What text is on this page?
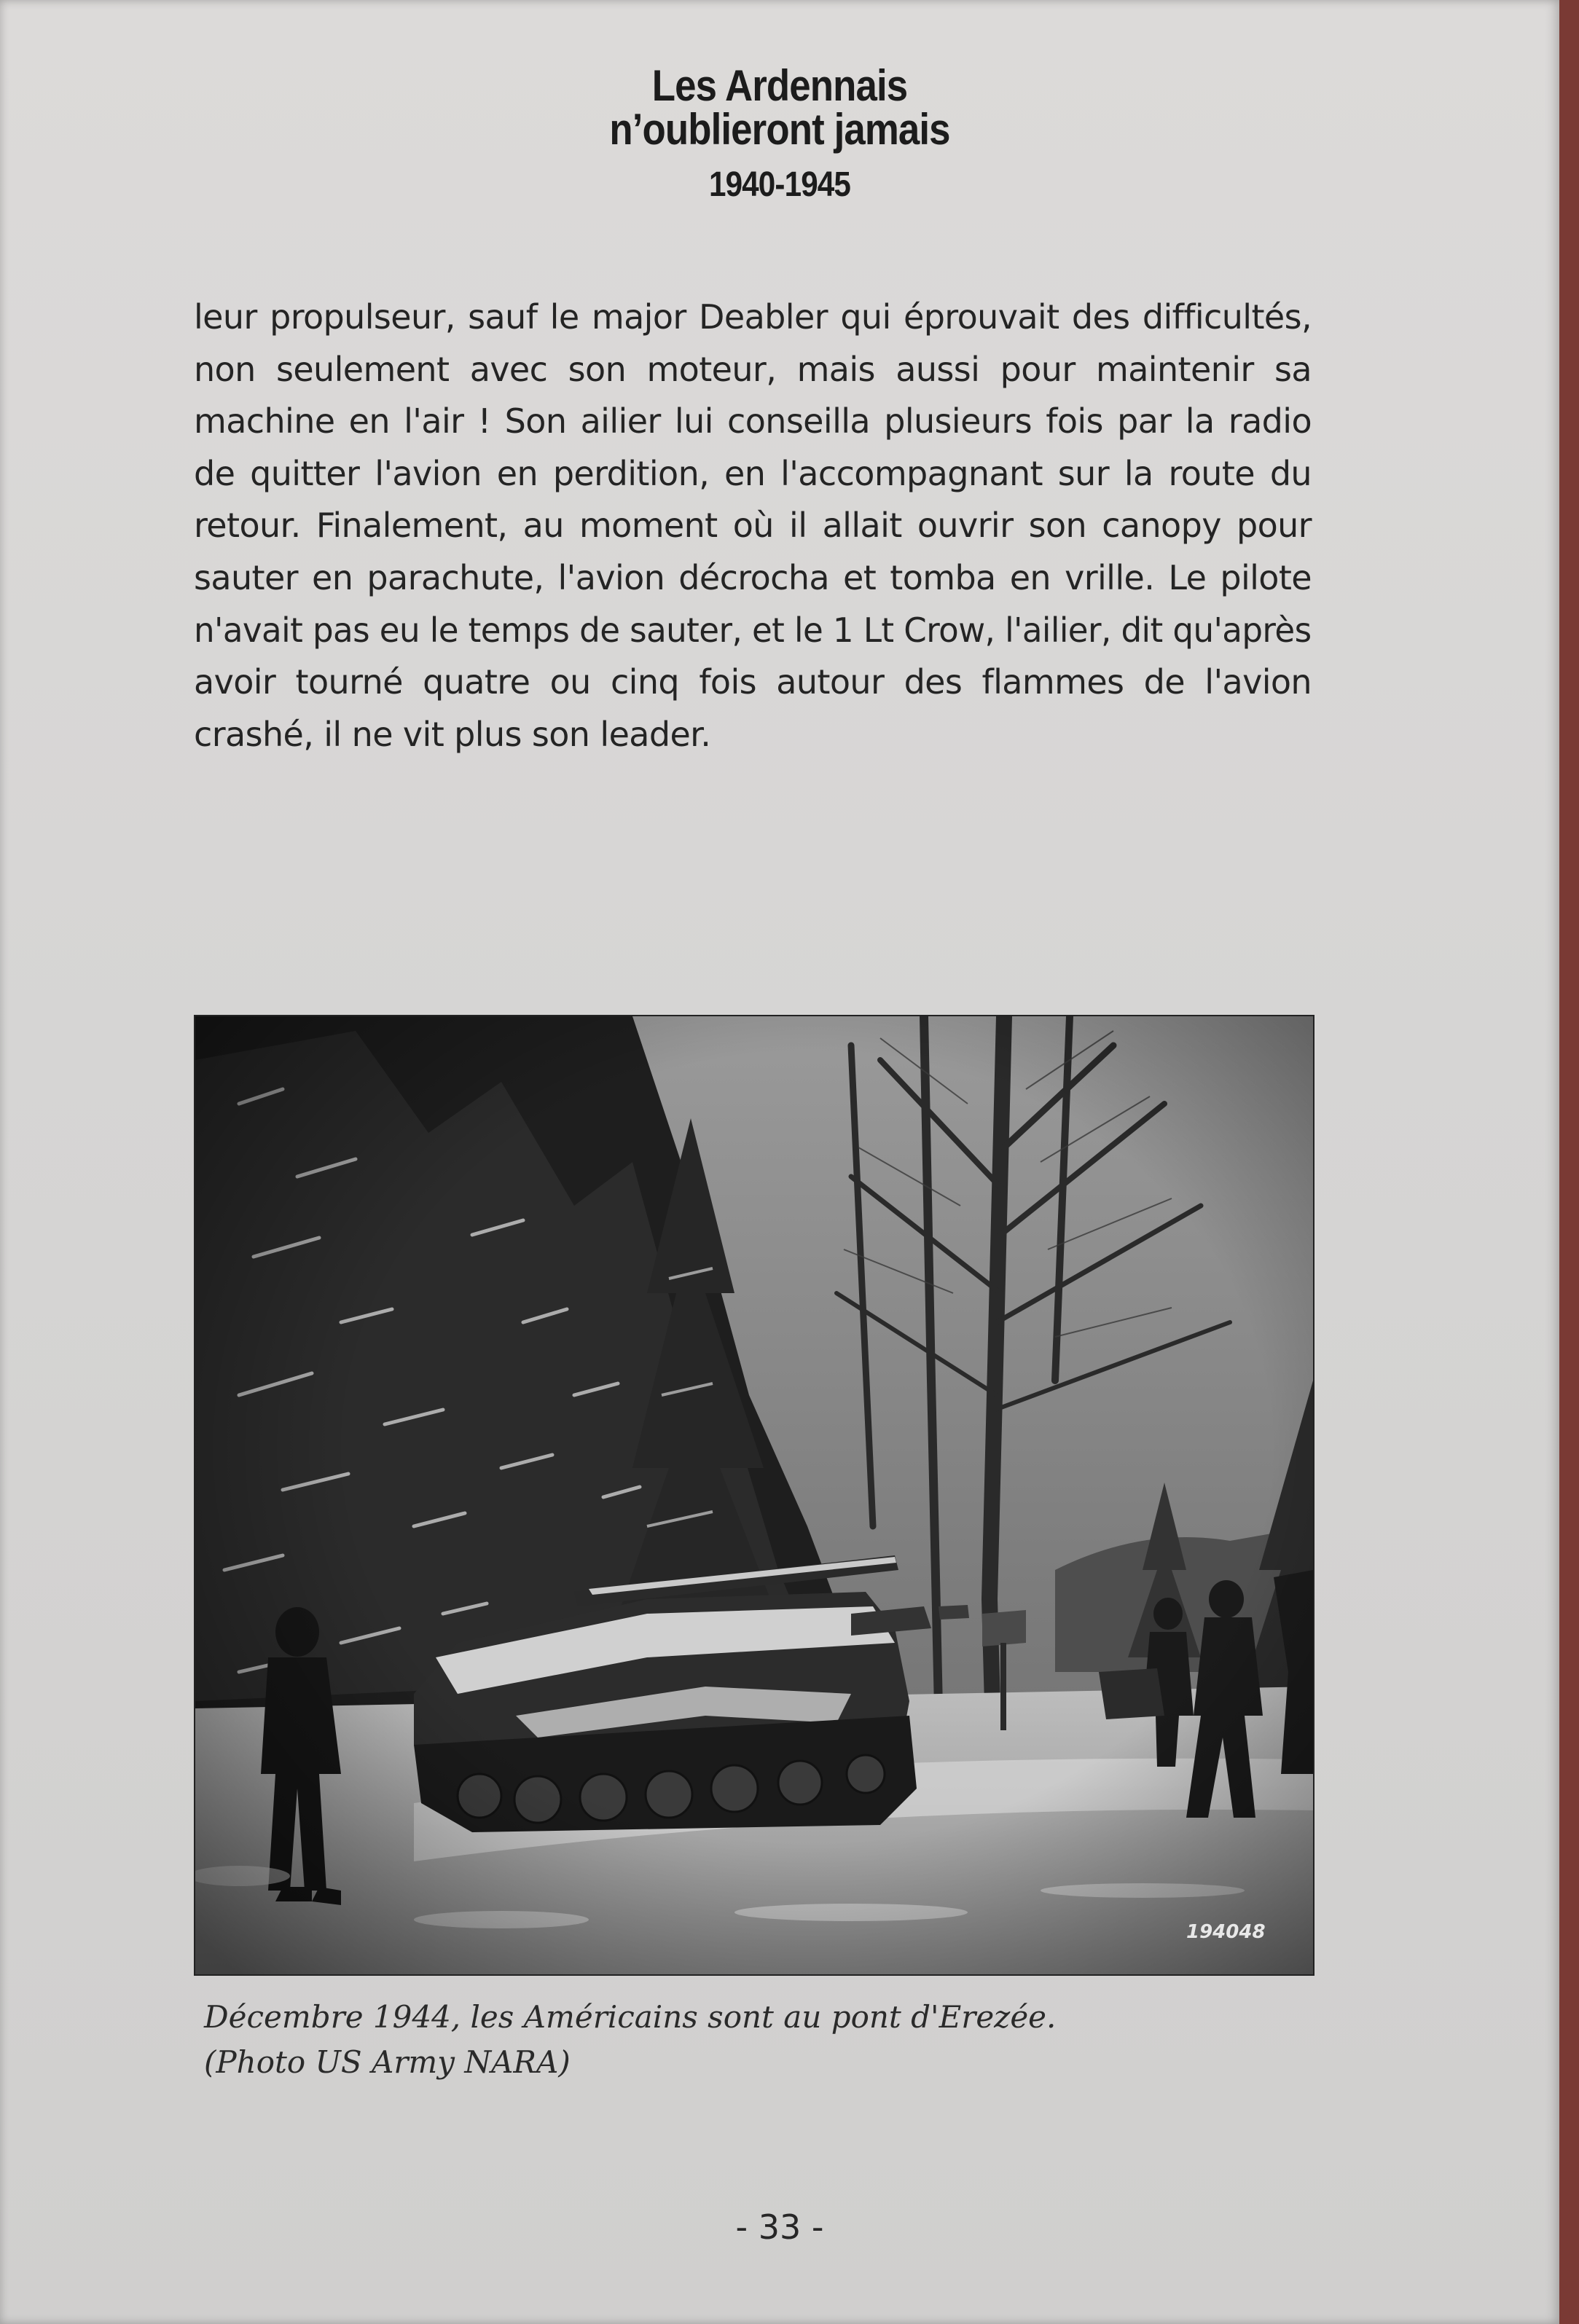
Les Ardennais
n’oublieront jamais
1940-1945
leur propulseur, sauf le major Deabler qui éprouvait des difficultés,
non seulement avec son moteur, mais aussi pour maintenir sa
machine en l'air ! Son ailier lui conseilla plusieurs fois par la radio
de quitter l'avion en perdition, en l'accompagnant sur la route du
retour. Finalement, au moment où il allait ouvrir son canopy pour
sauter en parachute, l'avion décrocha et tomba en vrille. Le pilote
n'avait pas eu le temps de sauter, et le 1 Lt Crow, l'ailier, dit qu'après
avoir tourné quatre ou cinq fois autour des flammes de l'avion
crashé, il ne vit plus son leader.
194048
Décembre 1944, les Américains sont au pont d'Erezée.
(Photo US Army NARA)
- 33 -
